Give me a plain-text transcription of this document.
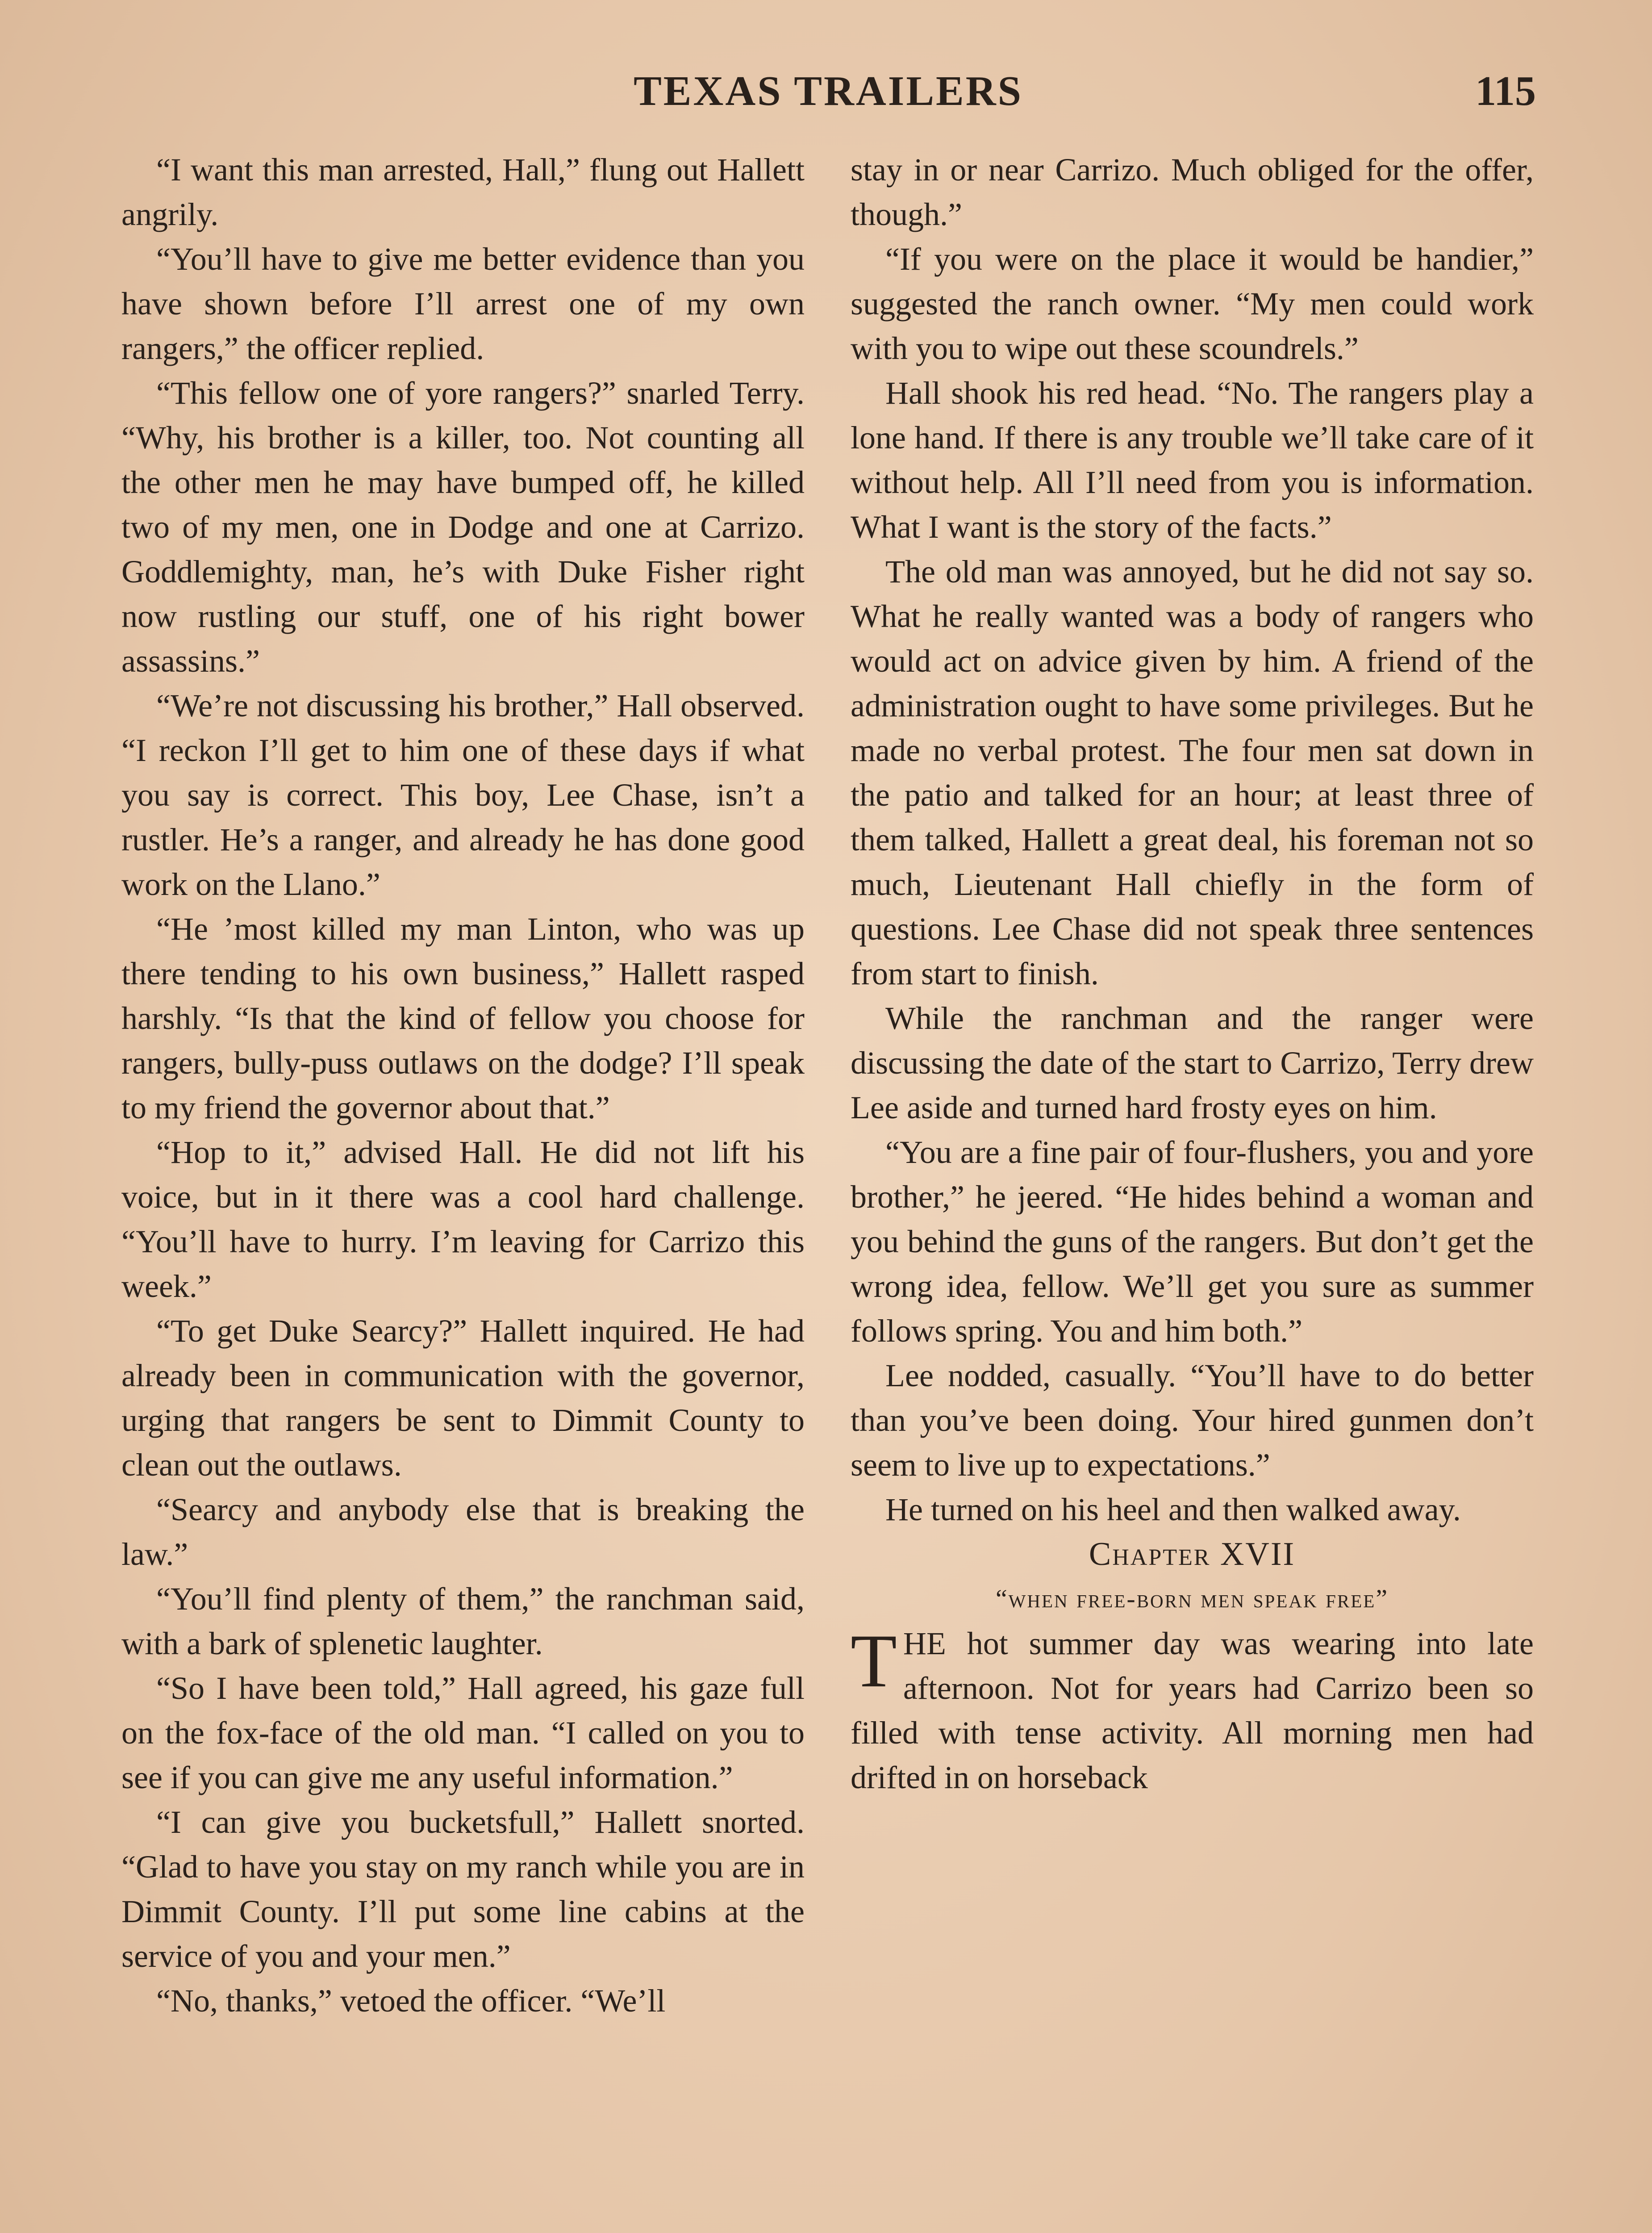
TEXAS TRAILERS	115

“I want this man arrested, Hall,” flung out Hallett angrily.

“You’ll have to give me better evidence than you have shown before I’ll arrest one of my own rangers,” the officer replied.

“This fellow one of yore rangers?” snarled Terry. “Why, his brother is a killer, too. Not counting all the other men he may have bumped off, he killed two of my men, one in Dodge and one at Carrizo. Goddlemighty, man, he’s with Duke Fisher right now rustling our stuff, one of his right bower assassins.”

“We’re not discussing his brother,” Hall observed. “I reckon I’ll get to him one of these days if what you say is correct. This boy, Lee Chase, isn’t a rustler. He’s a ranger, and already he has done good work on the Llano.”

“He ’most killed my man Linton, who was up there tending to his own business,” Hallett rasped harshly. “Is that the kind of fellow you choose for rangers, bully-puss outlaws on the dodge? I’ll speak to my friend the governor about that.”

“Hop to it,” advised Hall. He did not lift his voice, but in it there was a cool hard challenge. “You’ll have to hurry. I’m leaving for Carrizo this week.”

“To get Duke Searcy?” Hallett inquired. He had already been in communication with the governor, urging that rangers be sent to Dimmit County to clean out the outlaws.

“Searcy and anybody else that is breaking the law.”

“You’ll find plenty of them,” the ranchman said, with a bark of splenetic laughter.

“So I have been told,” Hall agreed, his gaze full on the fox-face of the old man. “I called on you to see if you can give me any useful information.”

“I can give you bucketsfull,” Hallett snorted. “Glad to have you stay on my ranch while you are in Dimmit County. I’ll put some line cabins at the service of you and your men.”

“No, thanks,” vetoed the officer. “We’ll

stay in or near Carrizo. Much obliged for the offer, though.”

“If you were on the place it would be handier,” suggested the ranch owner. “My men could work with you to wipe out these scoundrels.”

Hall shook his red head. “No. The rangers play a lone hand. If there is any trouble we’ll take care of it without help. All I’ll need from you is information. What I want is the story of the facts.”

The old man was annoyed, but he did not say so. What he really wanted was a body of rangers who would act on advice given by him. A friend of the administration ought to have some privileges. But he made no verbal protest. The four men sat down in the patio and talked for an hour; at least three of them talked, Hallett a great deal, his foreman not so much, Lieutenant Hall chiefly in the form of questions. Lee Chase did not speak three sentences from start to finish.

While the ranchman and the ranger were discussing the date of the start to Carrizo, Terry drew Lee aside and turned hard frosty eyes on him.

“You are a fine pair of four-flushers, you and yore brother,” he jeered. “He hides behind a woman and you behind the guns of the rangers. But don’t get the wrong idea, fellow. We’ll get you sure as summer follows spring. You and him both.”

Lee nodded, casually. “You’ll have to do better than you’ve been doing. Your hired gunmen don’t seem to live up to expectations.”

He turned on his heel and then walked away.

Chapter XVII

“when free-born men speak free”

THE hot summer day was wearing into late afternoon. Not for years had Carrizo been so filled with tense activity. All morning men had drifted in on horseback
